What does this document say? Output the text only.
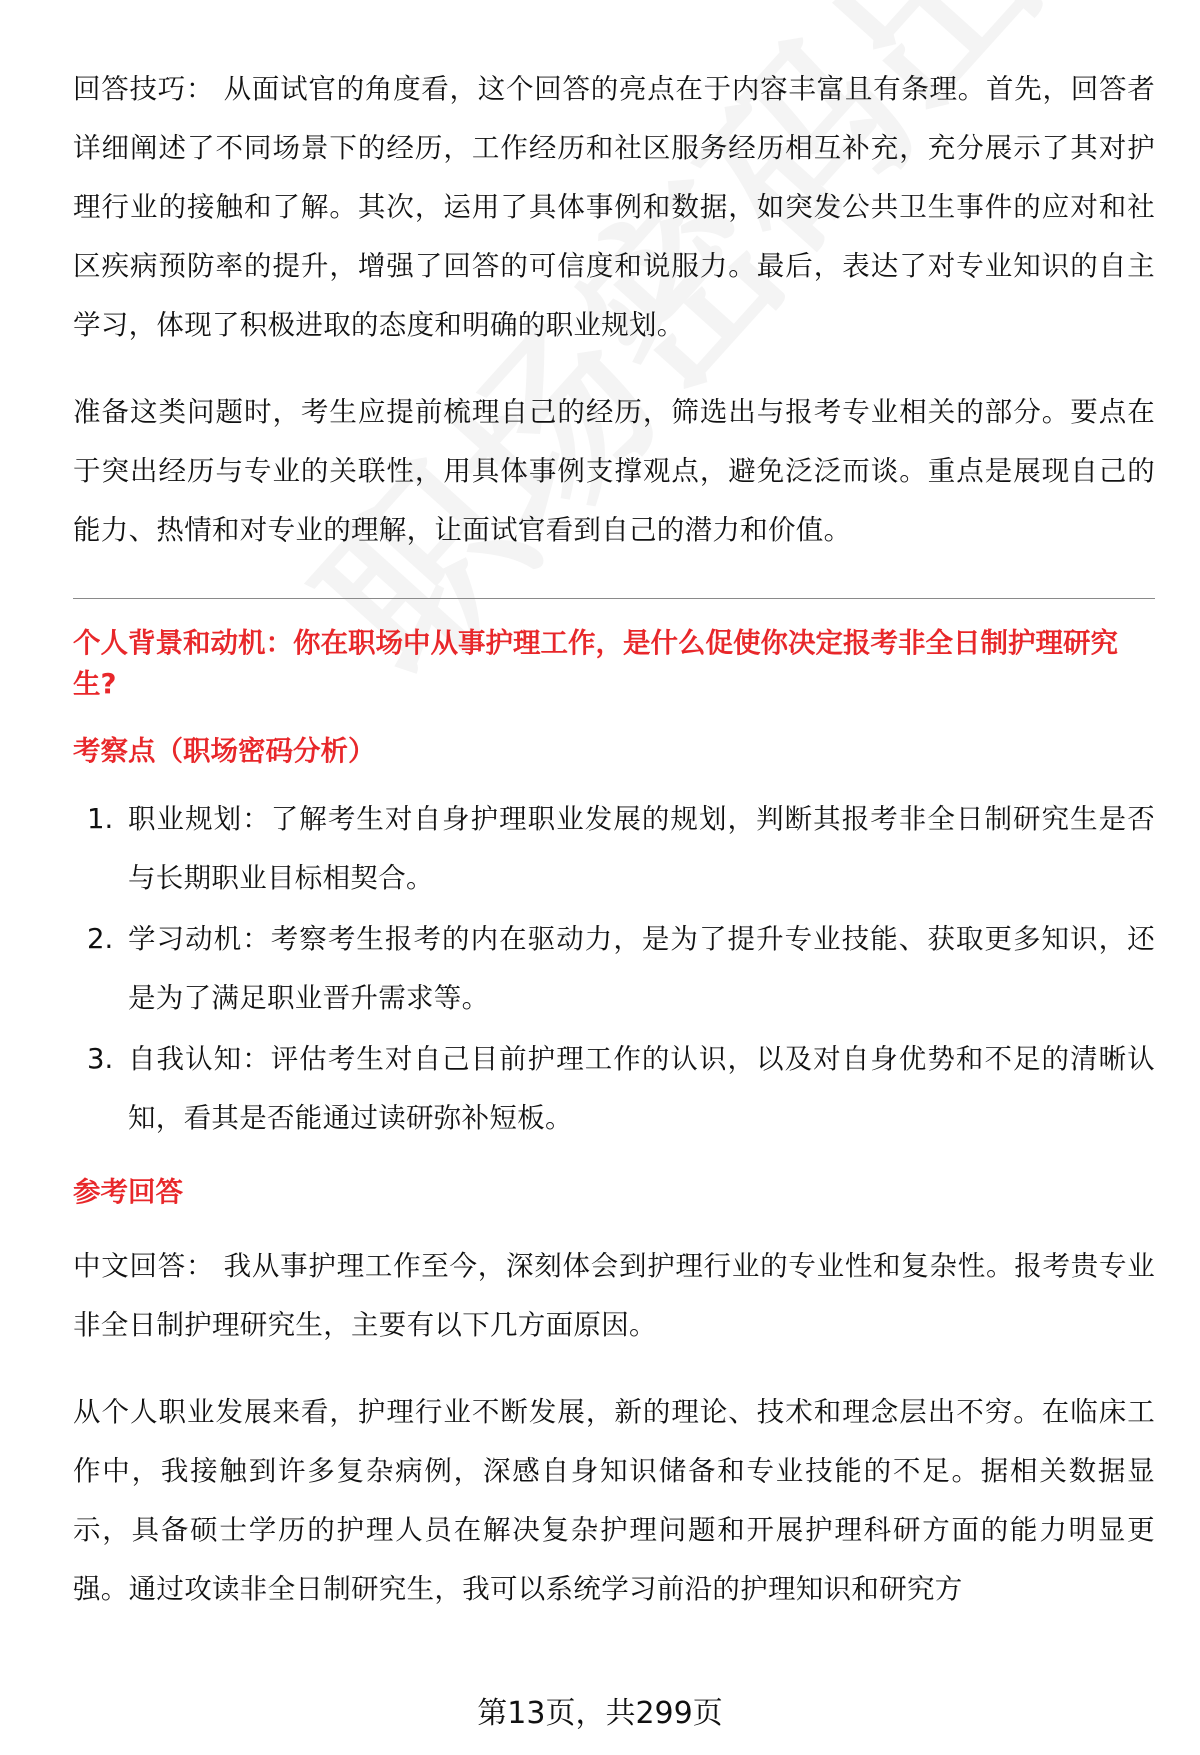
回答技巧： 从面试官的角度看，这个回答的亮点在于内容丰富且有条理。首先，回答者详细阐述了不同场景下的经历，工作经历和社区服务经历相互补充，充分展示了其对护理行业的接触和了解。其次，运用了具体事例和数据，如突发公共卫生事件的应对和社区疾病预防率的提升，增强了回答的可信度和说服力。最后，表达了对专业知识的自主学习，体现了积极进取的态度和明确的职业规划。

准备这类问题时，考生应提前梳理自己的经历，筛选出与报考专业相关的部分。要点在于突出经历与专业的关联性，用具体事例支撑观点，避免泛泛而谈。重点是展现自己的能力、热情和对专业的理解，让面试官看到自己的潜力和价值。

个人背景和动机：你在职场中从事护理工作，是什么促使你决定报考非全日制护理研究生?

考察点（职场密码分析）

1. 职业规划：了解考生对自身护理职业发展的规划，判断其报考非全日制研究生是否与长期职业目标相契合。
2. 学习动机：考察考生报考的内在驱动力，是为了提升专业技能、获取更多知识，还是为了满足职业晋升需求等。
3. 自我认知：评估考生对自己目前护理工作的认识，以及对自身优势和不足的清晰认知，看其是否能通过读研弥补短板。

参考回答

中文回答： 我从事护理工作至今，深刻体会到护理行业的专业性和复杂性。报考贵专业非全日制护理研究生，主要有以下几方面原因。

从个人职业发展来看，护理行业不断发展，新的理论、技术和理念层出不穷。在临床工作中，我接触到许多复杂病例，深感自身知识储备和专业技能的不足。据相关数据显示，具备硕士学历的护理人员在解决复杂护理问题和开展护理科研方面的能力明显更强。通过攻读非全日制研究生，我可以系统学习前沿的护理知识和研究方

第13页，共299页
